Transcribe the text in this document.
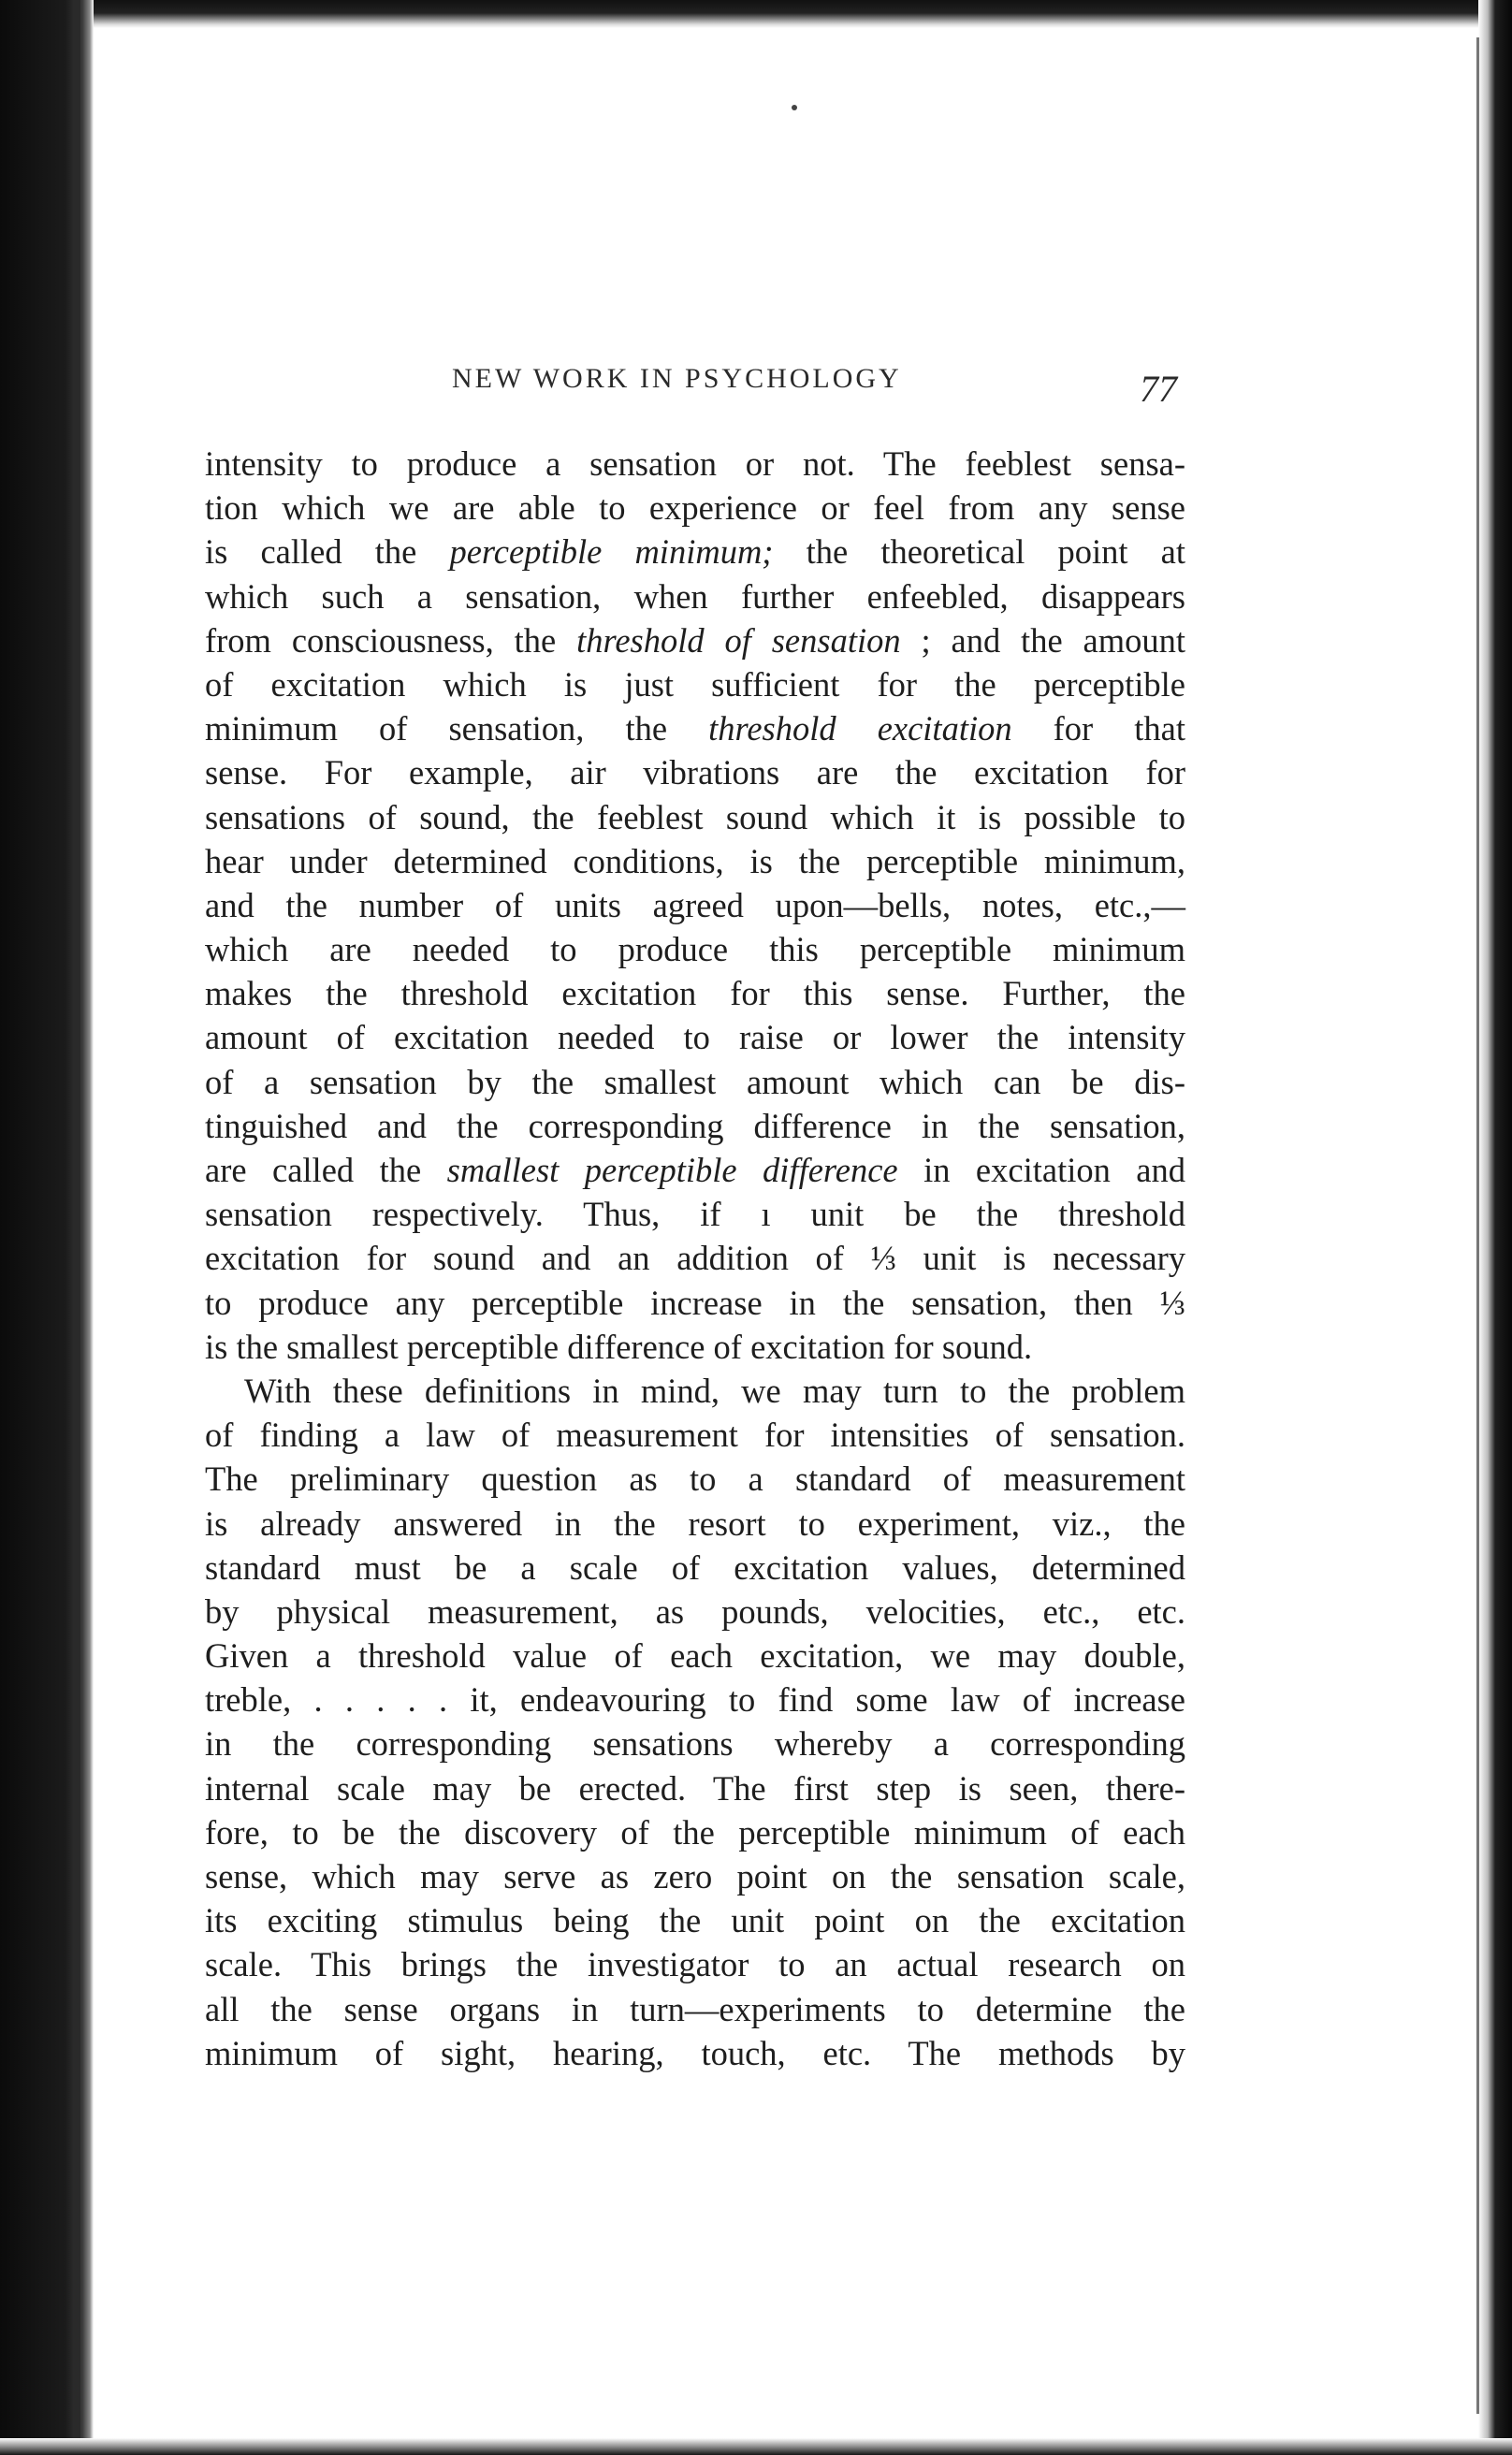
NEW WORK IN PSYCHOLOGY	77
intensity to produce a sensation or not. The feeblest sensa-
tion which we are able to experience or feel from any sense
is called the perceptible minimum; the theoretical point at
which such a sensation, when further enfeebled, disappears
from consciousness, the threshold of sensation ; and the amount
of excitation which is just sufficient for the perceptible
minimum of sensation, the threshold excitation for that
sense. For example, air vibrations are the excitation for
sensations of sound, the feeblest sound which it is possible to
hear under determined conditions, is the perceptible minimum,
and the number of units agreed upon—bells, notes, etc.,—
which are needed to produce this perceptible minimum
makes the threshold excitation for this sense. Further, the
amount of excitation needed to raise or lower the intensity
of a sensation by the smallest amount which can be dis-
tinguished and the corresponding difference in the sensation,
are called the smallest perceptible difference in excitation and
sensation respectively. Thus, if ı unit be the threshold
excitation for sound and an addition of ⅓ unit is necessary
to produce any perceptible increase in the sensation, then ⅓
is the smallest perceptible difference of excitation for sound.
With these definitions in mind, we may turn to the problem
of finding a law of measurement for intensities of sensation.
The preliminary question as to a standard of measurement
is already answered in the resort to experiment, viz., the
standard must be a scale of excitation values, determined
by physical measurement, as pounds, velocities, etc., etc.
Given a threshold value of each excitation, we may double,
treble, . . . . . it, endeavouring to find some law of increase
in the corresponding sensations whereby a corresponding
internal scale may be erected. The first step is seen, there-
fore, to be the discovery of the perceptible minimum of each
sense, which may serve as zero point on the sensation scale,
its exciting stimulus being the unit point on the excitation
scale. This brings the investigator to an actual research on
all the sense organs in turn—experiments to determine the
minimum of sight, hearing, touch, etc. The methods by
